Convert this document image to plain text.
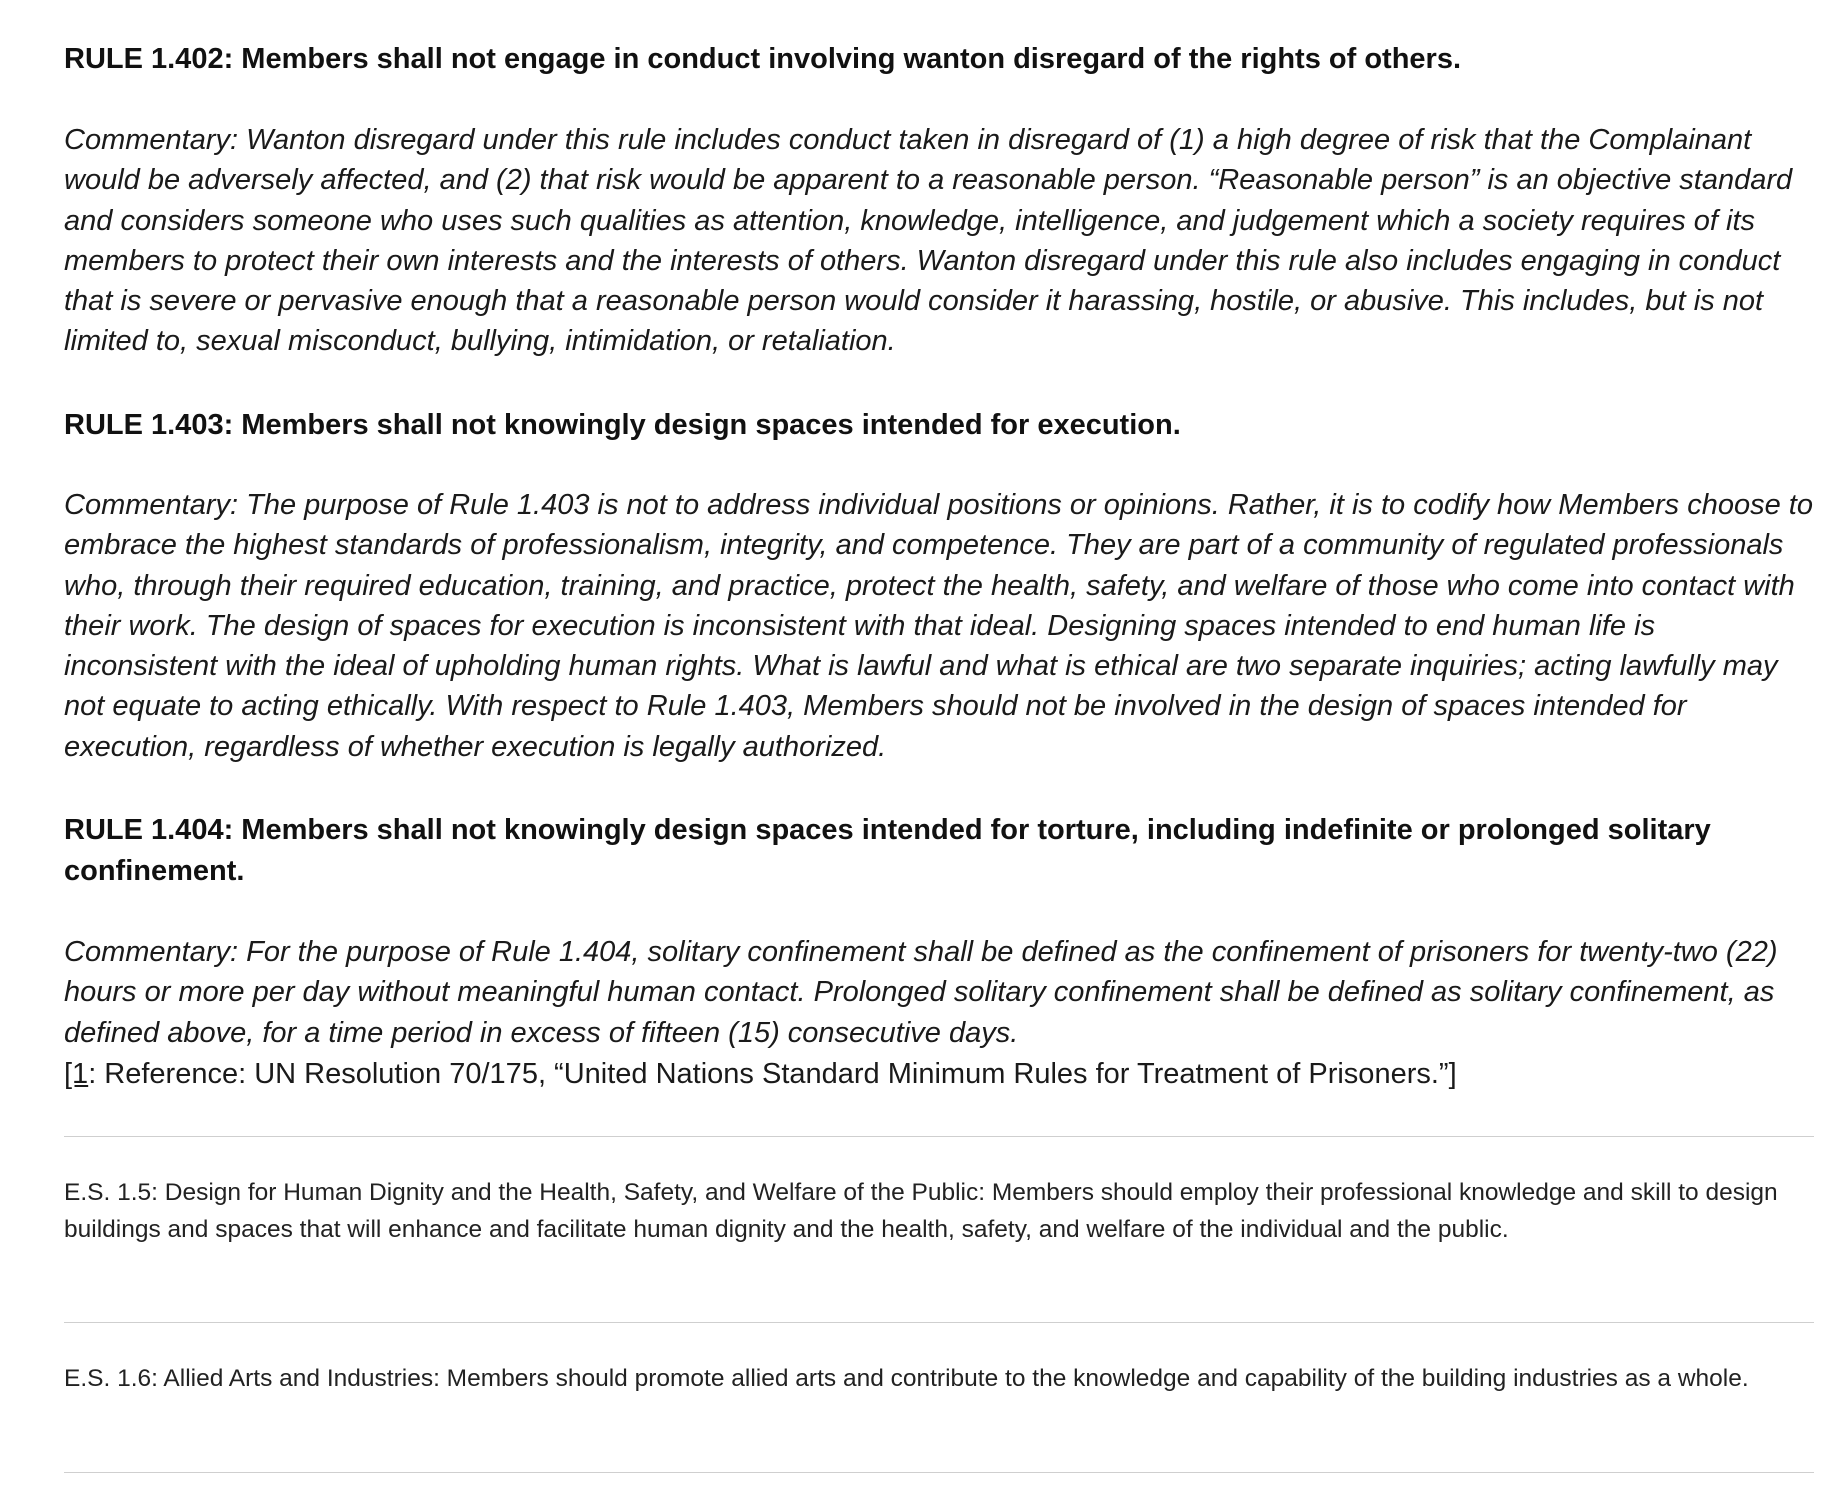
RULE 1.402: Members shall not engage in conduct involving wanton disregard of the rights of others.

Commentary: Wanton disregard under this rule includes conduct taken in disregard of (1) a high degree of risk that the Complainant would be adversely affected, and (2) that risk would be apparent to a reasonable person. “Reasonable person” is an objective standard and considers someone who uses such qualities as attention, knowledge, intelligence, and judgement which a society requires of its members to protect their own interests and the interests of others. Wanton disregard under this rule also includes engaging in conduct that is severe or pervasive enough that a reasonable person would consider it harassing, hostile, or abusive. This includes, but is not limited to, sexual misconduct, bullying, intimidation, or retaliation.

RULE 1.403: Members shall not knowingly design spaces intended for execution.

Commentary: The purpose of Rule 1.403 is not to address individual positions or opinions. Rather, it is to codify how Members choose to embrace the highest standards of professionalism, integrity, and competence. They are part of a community of regulated professionals who, through their required education, training, and practice, protect the health, safety, and welfare of those who come into contact with their work. The design of spaces for execution is inconsistent with that ideal. Designing spaces intended to end human life is inconsistent with the ideal of upholding human rights. What is lawful and what is ethical are two separate inquiries; acting lawfully may not equate to acting ethically. With respect to Rule 1.403, Members should not be involved in the design of spaces intended for execution, regardless of whether execution is legally authorized.

RULE 1.404: Members shall not knowingly design spaces intended for torture, including indefinite or prolonged solitary confinement.

Commentary: For the purpose of Rule 1.404, solitary confinement shall be defined as the confinement of prisoners for twenty-two (22) hours or more per day without meaningful human contact. Prolonged solitary confinement shall be defined as solitary confinement, as defined above, for a time period in excess of fifteen (15) consecutive days.

[1: Reference: UN Resolution 70/175, “United Nations Standard Minimum Rules for Treatment of Prisoners.”]

E.S. 1.5: Design for Human Dignity and the Health, Safety, and Welfare of the Public: Members should employ their professional knowledge and skill to design buildings and spaces that will enhance and facilitate human dignity and the health, safety, and welfare of the individual and the public.

E.S. 1.6: Allied Arts and Industries: Members should promote allied arts and contribute to the knowledge and capability of the building industries as a whole.
